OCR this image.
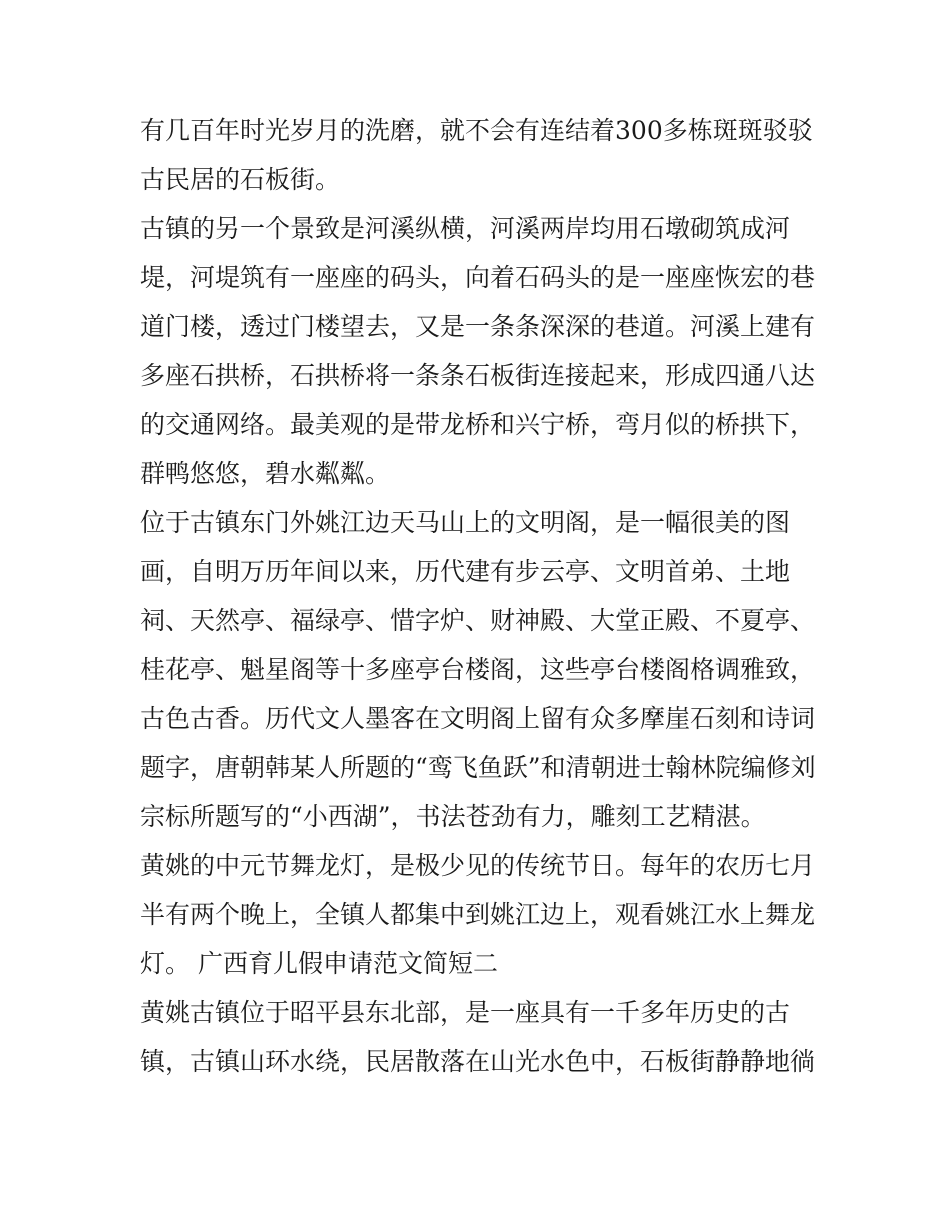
有几百年时光岁月的洗磨，就不会有连结着300多栋斑斑驳驳
古民居的石板街。
古镇的另一个景致是河溪纵横，河溪两岸均用石墩砌筑成河
堤，河堤筑有一座座的码头，向着石码头的是一座座恢宏的巷
道门楼，透过门楼望去，又是一条条深深的巷道。河溪上建有
多座石拱桥，石拱桥将一条条石板街连接起来，形成四通八达
的交通网络。最美观的是带龙桥和兴宁桥，弯月似的桥拱下，
群鸭悠悠，碧水粼粼。
位于古镇东门外姚江边天马山上的文明阁，是一幅很美的图
画，自明万历年间以来，历代建有步云亭、文明首弟、土地
祠、天然亭、福绿亭、惜字炉、财神殿、大堂正殿、不夏亭、
桂花亭、魁星阁等十多座亭台楼阁，这些亭台楼阁格调雅致，
古色古香。历代文人墨客在文明阁上留有众多摩崖石刻和诗词
题字，唐朝韩某人所题的“鸾飞鱼跃”和清朝进士翰林院编修刘
宗标所题写的“小西湖”，书法苍劲有力，雕刻工艺精湛。
黄姚的中元节舞龙灯，是极少见的传统节日。每年的农历七月
半有两个晚上，全镇人都集中到姚江边上，观看姚江水上舞龙
灯。 广西育儿假申请范文简短二
黄姚古镇位于昭平县东北部，是一座具有一千多年历史的古
镇，古镇山环水绕，民居散落在山光水色中，石板街静静地徜
